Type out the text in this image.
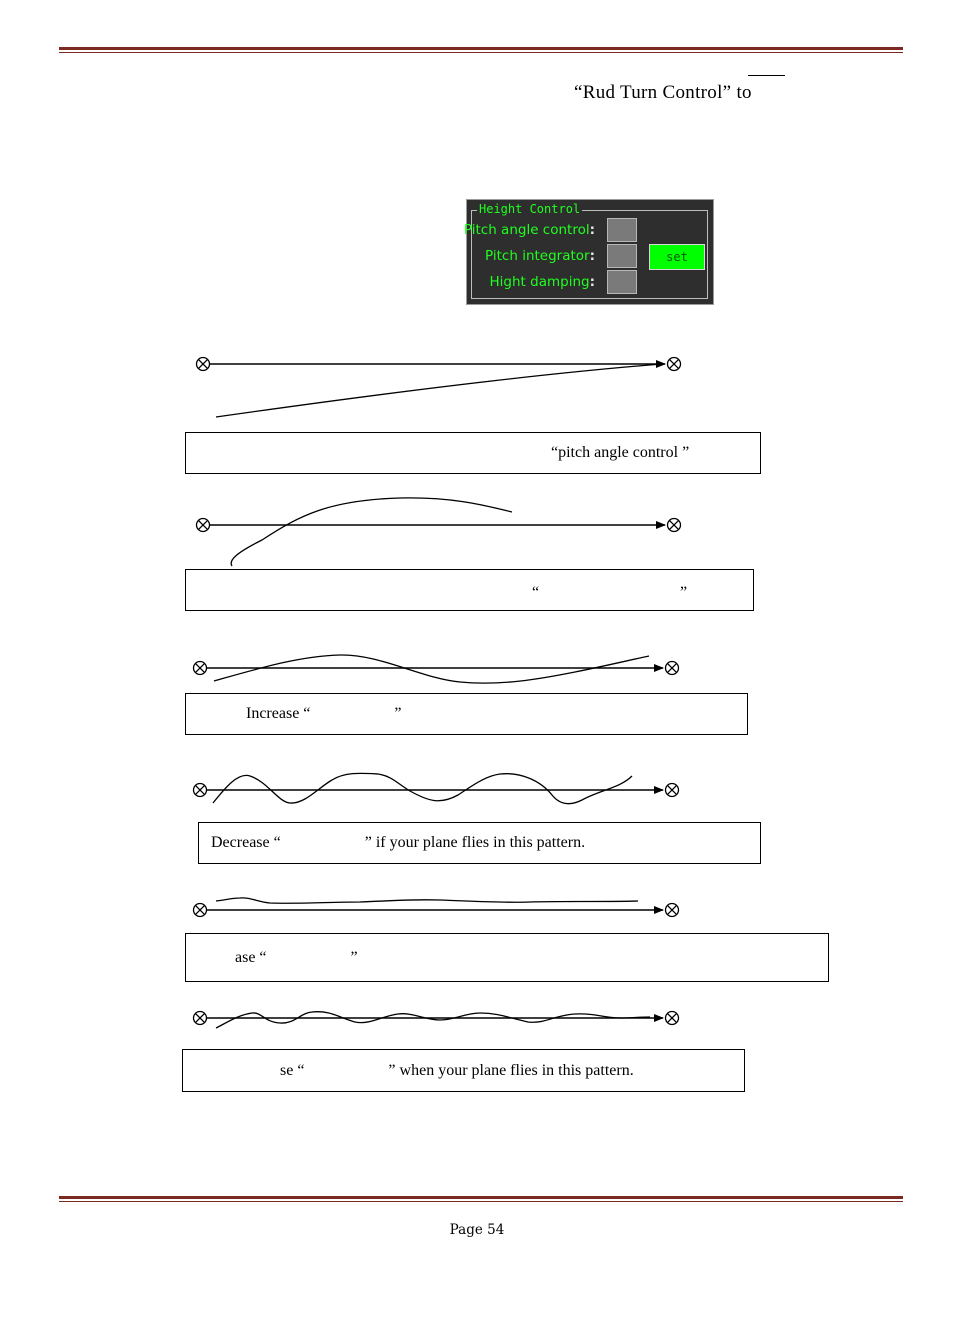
“Rud Turn Control” to
Height Control
Pitch angle control:
Pitch integrator:
Hight damping:
set

“pitch angle control ”

“

	”

Increase “                     ”

Decrease “                     ” if your plane flies in this pattern.

ase “                     ”

se “                     ” when your plane flies in this pattern.

Page 54
